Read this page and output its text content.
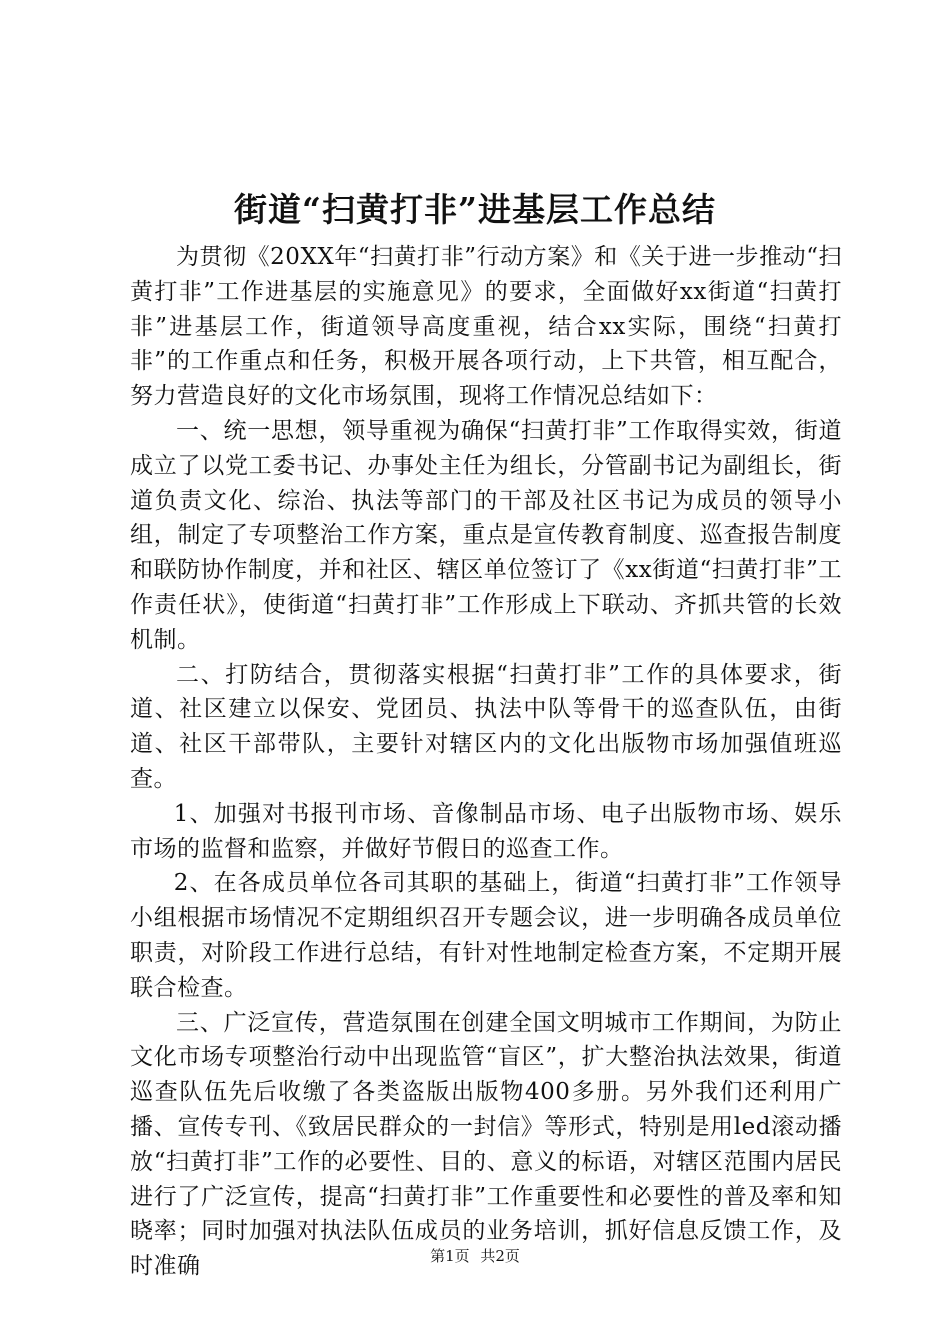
街道“扫黄打非”进基层工作总结

为贯彻《20XX年“扫黄打非”行动方案》和《关于进一步推动“扫黄打非”工作进基层的实施意见》的要求，全面做好xx街道“扫黄打非”进基层工作，街道领导高度重视，结合xx实际，围绕“扫黄打非”的工作重点和任务，积极开展各项行动，上下共管，相互配合，努力营造良好的文化市场氛围，现将工作情况总结如下：

一、统一思想，领导重视为确保“扫黄打非”工作取得实效，街道成立了以党工委书记、办事处主任为组长，分管副书记为副组长，街道负责文化、综治、执法等部门的干部及社区书记为成员的领导小组，制定了专项整治工作方案，重点是宣传教育制度、巡查报告制度和联防协作制度，并和社区、辖区单位签订了《xx街道“扫黄打非”工作责任状》，使街道“扫黄打非”工作形成上下联动、齐抓共管的长效机制。

二、打防结合，贯彻落实根据“扫黄打非”工作的具体要求，街道、社区建立以保安、党团员、执法中队等骨干的巡查队伍，由街道、社区干部带队，主要针对辖区内的文化出版物市场加强值班巡查。

1、加强对书报刊市场、音像制品市场、电子出版物市场、娱乐市场的监督和监察，并做好节假日的巡查工作。

2、在各成员单位各司其职的基础上，街道“扫黄打非”工作领导小组根据市场情况不定期组织召开专题会议，进一步明确各成员单位职责，对阶段工作进行总结，有针对性地制定检查方案，不定期开展联合检查。

三、广泛宣传，营造氛围在创建全国文明城市工作期间，为防止文化市场专项整治行动中出现监管“盲区”，扩大整治执法效果，街道巡查队伍先后收缴了各类盗版出版物400多册。另外我们还利用广播、宣传专刊、《致居民群众的一封信》等形式，特别是用led滚动播放“扫黄打非”工作的必要性、目的、意义的标语，对辖区范围内居民进行了广泛宣传，提高“扫黄打非”工作重要性和必要性的普及率和知晓率；同时加强对执法队伍成员的业务培训，抓好信息反馈工作，及时准确	第1页 共2页
